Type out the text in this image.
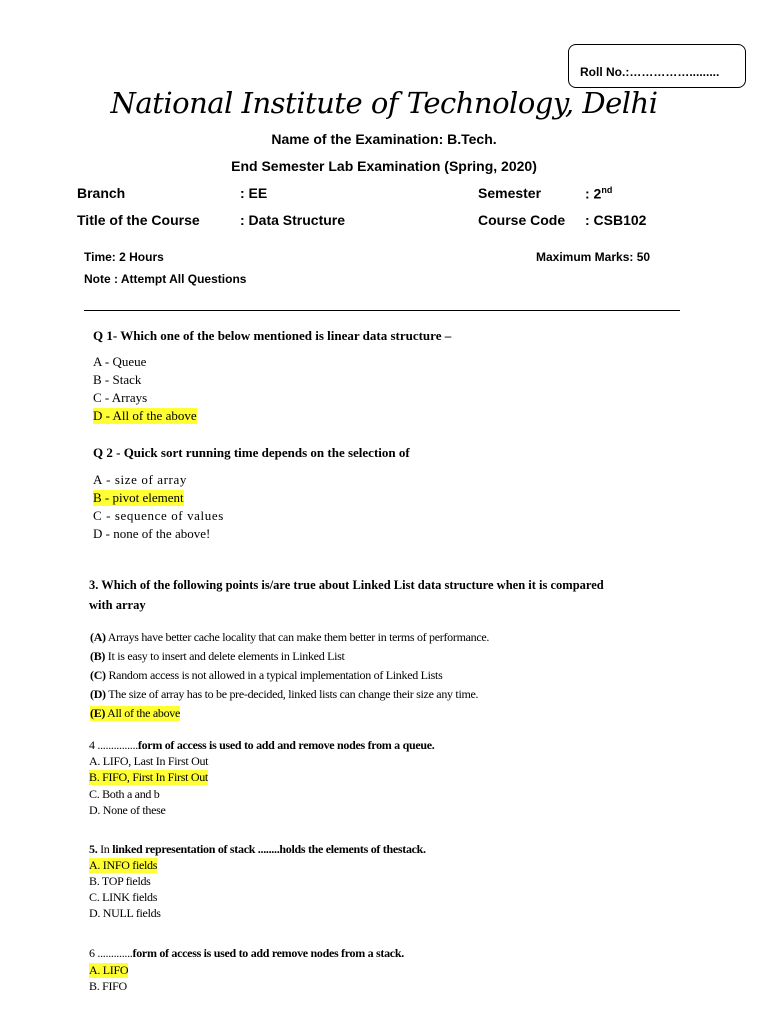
Roll No.:…………….........
National Institute of Technology, Delhi
Name of the Examination: B.Tech.
End Semester Lab Examination (Spring, 2020)
Branch	: EE	Semester	: 2nd
Title of the Course	: Data Structure	Course Code : CSB102
Time: 2 Hours	Maximum Marks: 50
Note : Attempt All Questions
Q 1- Which one of the below mentioned is linear data structure –
A - Queue
B - Stack
C - Arrays
D - All of the above
Q 2 - Quick sort running time depends on the selection of
A - size of array
B - pivot element
C - sequence of values
D - none of the above!
3. Which of the following points is/are true about Linked List data structure when it is compared
with array
(A) Arrays have better cache locality that can make them better in terms of performance.
(B) It is easy to insert and delete elements in Linked List
(C) Random access is not allowed in a typical implementation of Linked Lists
(D) The size of array has to be pre-decided, linked lists can change their size any time.
(E) All of the above
4 ...............form of access is used to add and remove nodes from a queue.
A. LIFO, Last In First Out
B. FIFO, First In First Out
C. Both a and b
D. None of these
5. In linked representation of stack ........holds the elements of thestack.
A. INFO fields
B. TOP fields
C. LINK fields
D. NULL fields
6 .............form of access is used to add remove nodes from a stack.
A. LIFO
B. FIFO
